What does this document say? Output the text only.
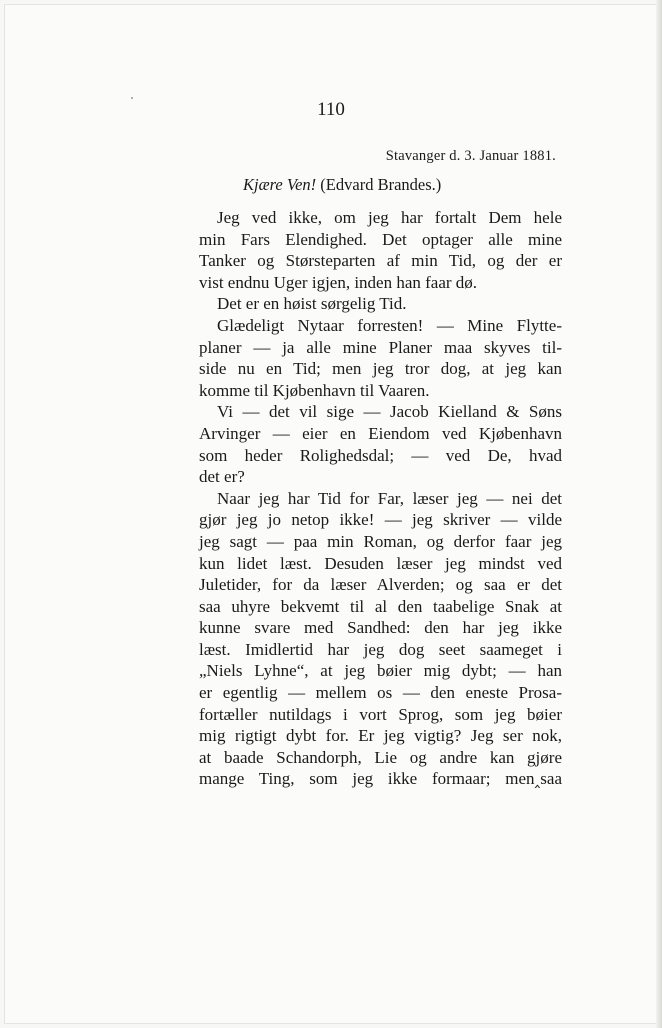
110
Stavanger d. 3. Januar 1881.
Kjære Ven! (Edvard Brandes.)
Jeg ved ikke, om jeg har fortalt Dem hele
min Fars Elendighed. Det optager alle mine
Tanker og Størsteparten af min Tid, og der er
vist endnu Uger igjen, inden han faar dø.
Det er en høist sørgelig Tid.
Glædeligt Nytaar forresten! — Mine Flytte-
planer — ja alle mine Planer maa skyves til-
side nu en Tid; men jeg tror dog, at jeg kan
komme til Kjøbenhavn til Vaaren.
Vi — det vil sige — Jacob Kielland & Søns
Arvinger — eier en Eiendom ved Kjøbenhavn
som heder Rolighedsdal; — ved De, hvad
det er?
Naar jeg har Tid for Far, læser jeg — nei det
gjør jeg jo netop ikke! — jeg skriver — vilde
jeg sagt — paa min Roman, og derfor faar jeg
kun lidet læst. Desuden læser jeg mindst ved
Juletider, for da læser Alverden; og saa er det
saa uhyre bekvemt til al den taabelige Snak at
kunne svare med Sandhed: den har jeg ikke
læst. Imidlertid har jeg dog seet saameget i
„Niels Lyhne“, at jeg bøier mig dybt; — han
er egentlig — mellem os — den eneste Prosa-
fortæller nutildags i vort Sprog, som jeg bøier
mig rigtigt dybt for. Er jeg vigtig? Jeg ser nok,
at baade Schandorph, Lie og andre kan gjøre
mange Ting, som jeg ikke formaar; men‸saa
